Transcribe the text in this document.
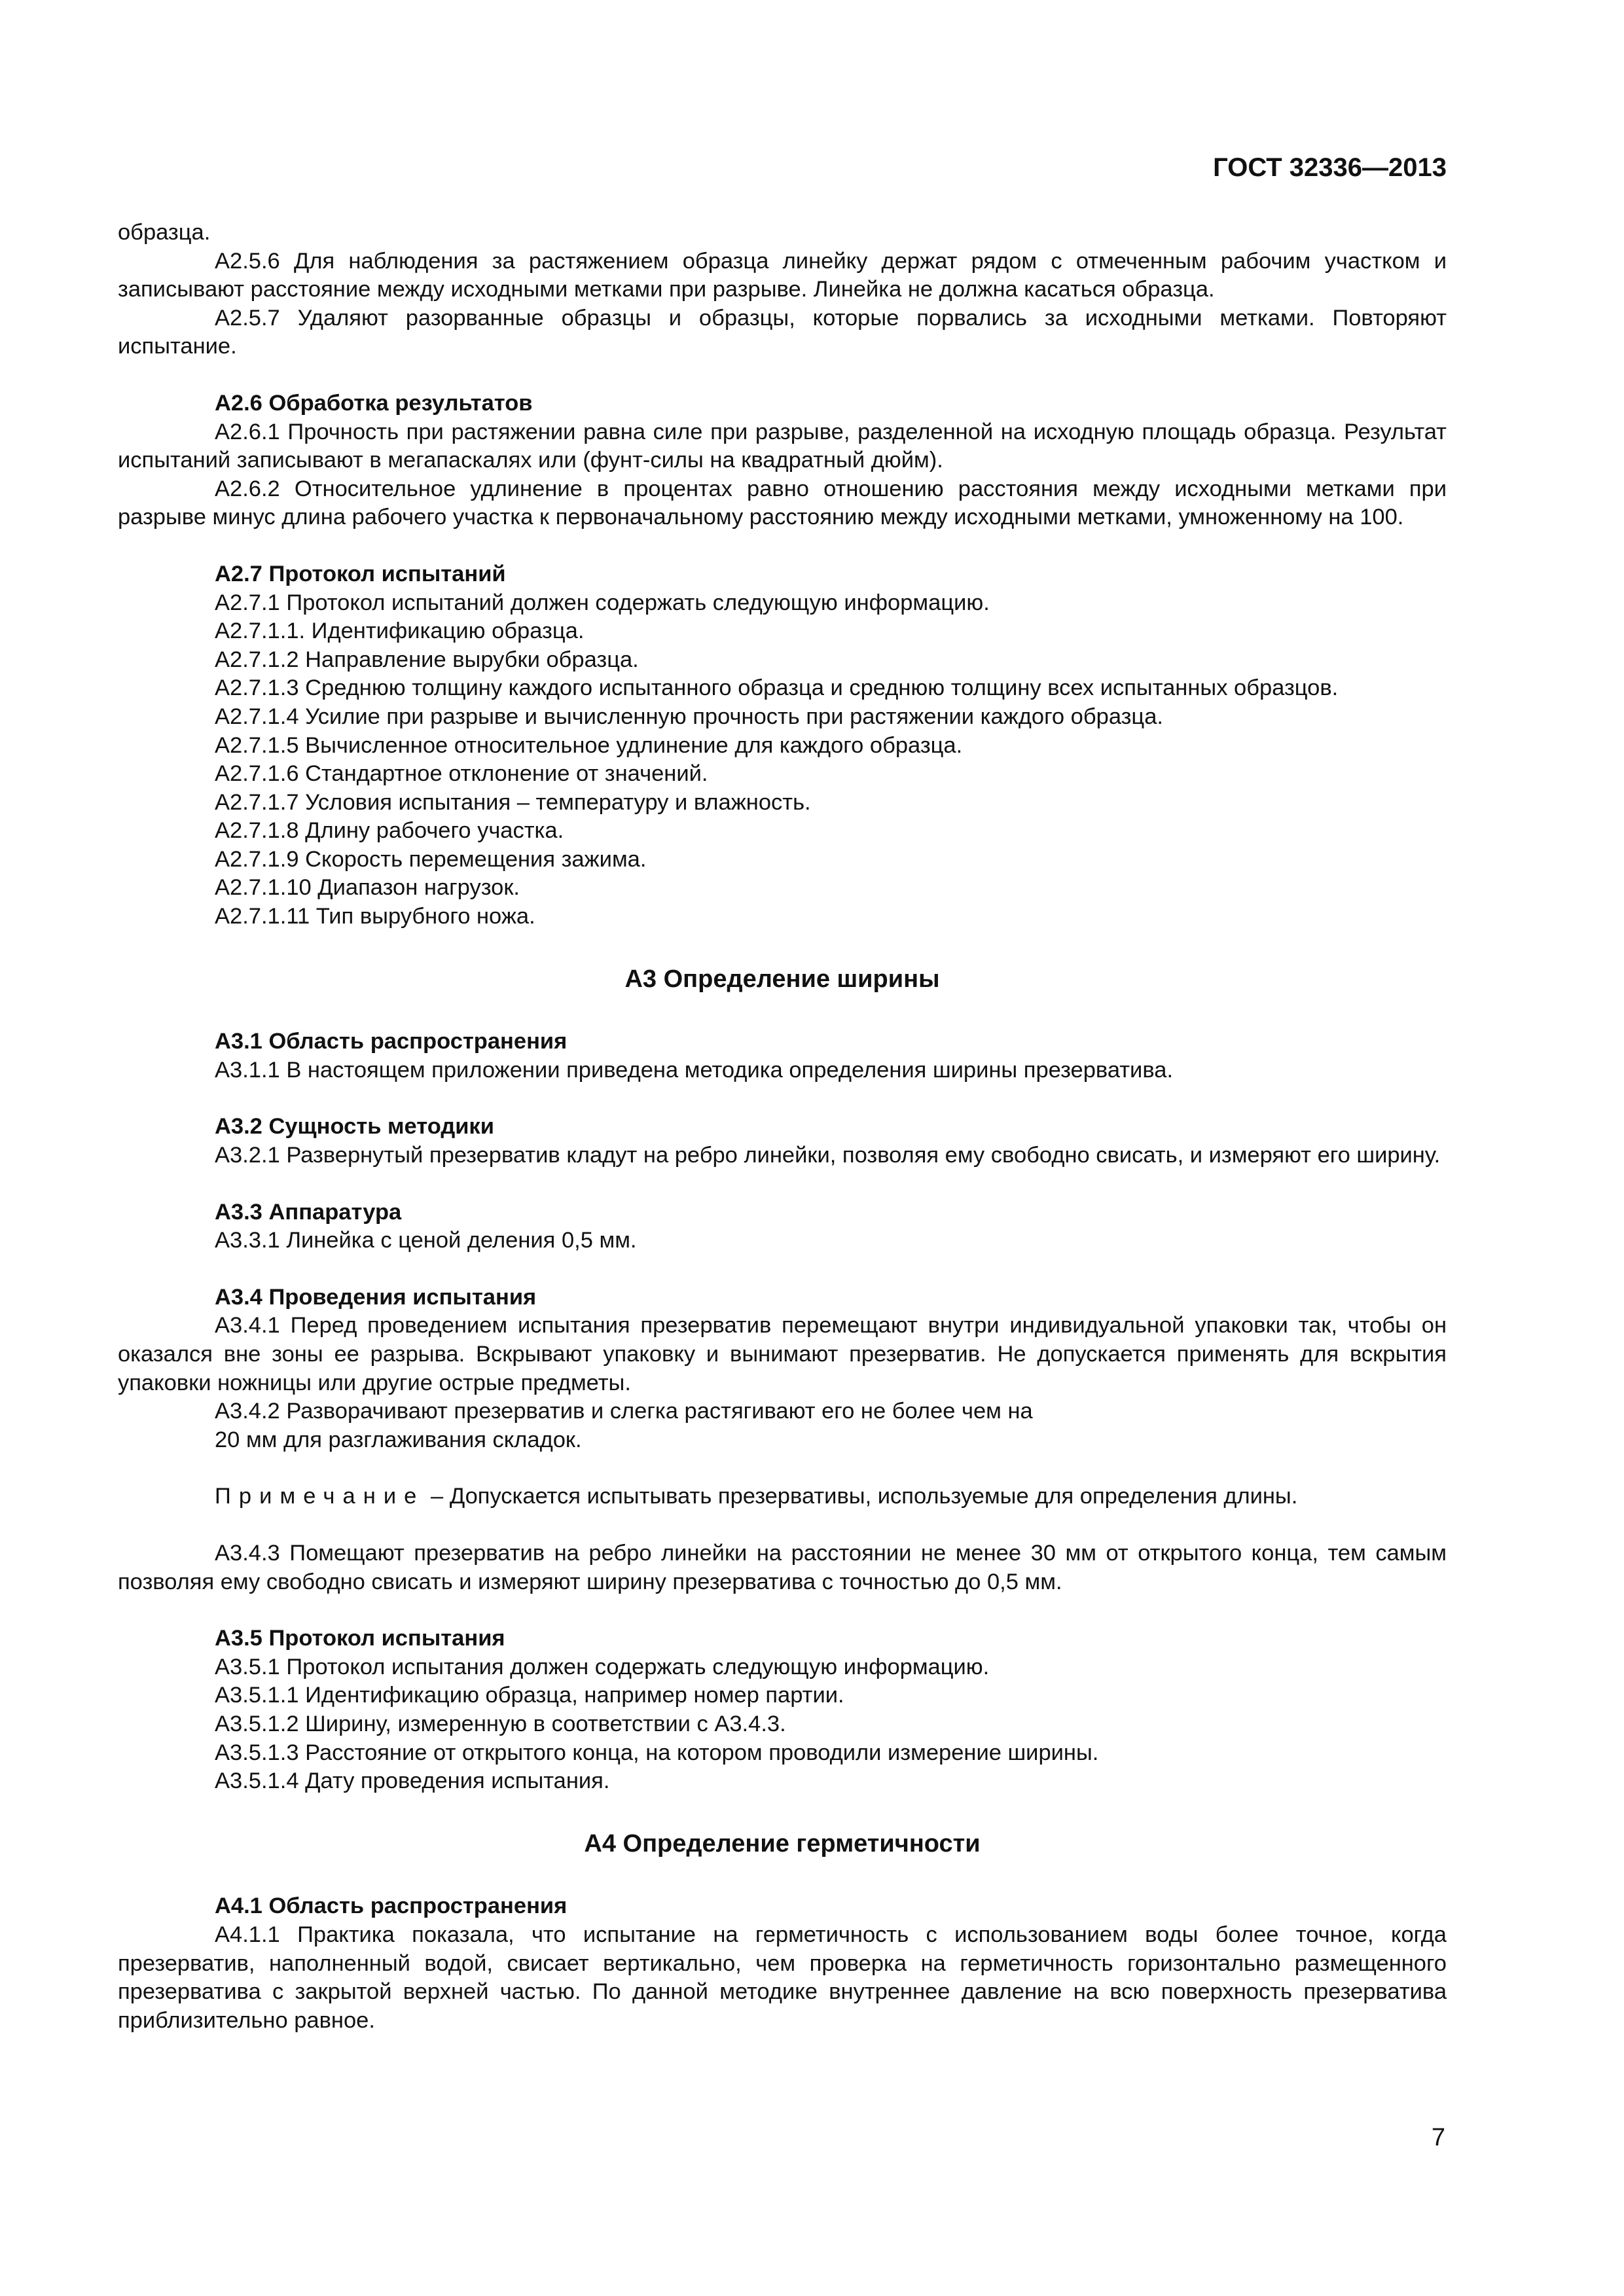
ГОСТ 32336—2013

образца.

А2.5.6 Для наблюдения за растяжением образца линейку держат рядом с отмеченным рабочим участком и записывают расстояние между исходными метками при разрыве. Линейка не должна касаться образца.

А2.5.7 Удаляют разорванные образцы и образцы, которые порвались за исходными метками. Повторяют испытание.

А2.6 Обработка результатов

А2.6.1 Прочность при растяжении равна силе при разрыве, разделенной на исходную площадь образца. Результат испытаний записывают в мегапаскалях или (фунт-силы на квадратный дюйм).

А2.6.2 Относительное удлинение в процентах равно отношению расстояния между исходными метками при разрыве минус длина рабочего участка к первоначальному расстоянию между исходными метками, умноженному на 100.

А2.7 Протокол испытаний

А2.7.1 Протокол испытаний должен содержать следующую информацию.

А2.7.1.1. Идентификацию образца.

А2.7.1.2 Направление вырубки образца.

А2.7.1.3 Среднюю толщину каждого испытанного образца и среднюю толщину всех испытанных образцов.

А2.7.1.4 Усилие при разрыве и вычисленную прочность при растяжении каждого образца.

А2.7.1.5 Вычисленное относительное удлинение для каждого образца.

А2.7.1.6 Стандартное отклонение от значений.

А2.7.1.7 Условия испытания – температуру и влажность.

А2.7.1.8 Длину рабочего участка.

А2.7.1.9 Скорость перемещения зажима.

А2.7.1.10 Диапазон нагрузок.

А2.7.1.11 Тип вырубного ножа.

А3 Определение ширины

А3.1 Область распространения

А3.1.1 В настоящем приложении приведена методика определения ширины презерватива.

А3.2 Сущность методики

А3.2.1 Развернутый презерватив кладут на ребро линейки, позволяя ему свободно свисать, и измеряют его ширину.

А3.3 Аппаратура

А3.3.1 Линейка с ценой деления 0,5 мм.

А3.4 Проведения испытания

А3.4.1 Перед проведением испытания презерватив перемещают внутри индивидуальной упаковки так, чтобы он оказался вне зоны ее разрыва. Вскрывают упаковку и вынимают презерватив. Не допускается применять для вскрытия упаковки ножницы или другие острые предметы.

А3.4.2 Разворачивают презерватив и слегка растягивают его не более чем на

20 мм для разглаживания складок.

Примечание – Допускается испытывать презервативы, используемые для определения длины.

А3.4.3 Помещают презерватив на ребро линейки на расстоянии не менее 30 мм от открытого конца, тем самым позволяя ему свободно свисать и измеряют ширину презерватива с точностью до 0,5 мм.

А3.5 Протокол испытания

А3.5.1 Протокол испытания должен содержать следующую информацию.

А3.5.1.1 Идентификацию образца, например номер партии.

А3.5.1.2 Ширину, измеренную в соответствии с А3.4.3.

А3.5.1.3 Расстояние от открытого конца, на котором проводили измерение ширины.

А3.5.1.4 Дату проведения испытания.

А4 Определение герметичности

А4.1 Область распространения

А4.1.1 Практика показала, что испытание на герметичность с использованием воды более точное, когда презерватив, наполненный водой, свисает вертикально, чем проверка на герметичность горизонтально размещенного презерватива с закрытой верхней частью. По данной методике внутреннее давление на всю поверхность презерватива приблизительно равное.

7
